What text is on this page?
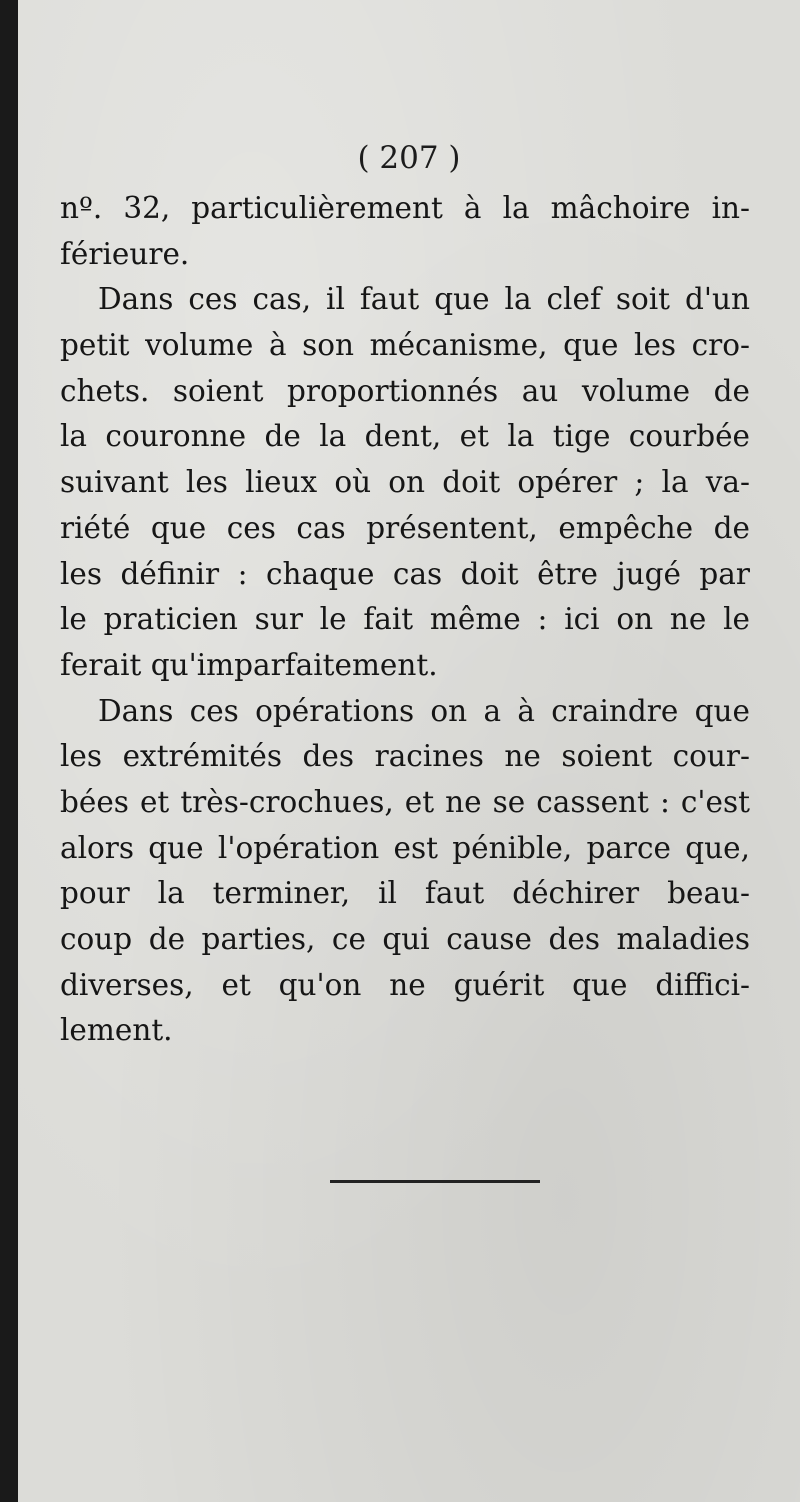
( 207 )
nº. 32, particulièrement à la mâchoire in-
férieure.
Dans ces cas, il faut que la clef soit d'un
petit volume à son mécanisme, que les cro-
chets. soient proportionnés au volume de
la couronne de la dent, et la tige courbée
suivant les lieux où on doit opérer ; la va-
riété que ces cas présentent, empêche de
les définir : chaque cas doit être jugé par
le praticien sur le fait même : ici on ne le
ferait qu'imparfaitement.
Dans ces opérations on a à craindre que
les extrémités des racines ne soient cour-
bées et très-crochues, et ne se cassent : c'est
alors que l'opération est pénible, parce que,
pour la terminer, il faut déchirer beau-
coup de parties, ce qui cause des maladies
diverses, et qu'on ne guérit que diffici-
lement.
